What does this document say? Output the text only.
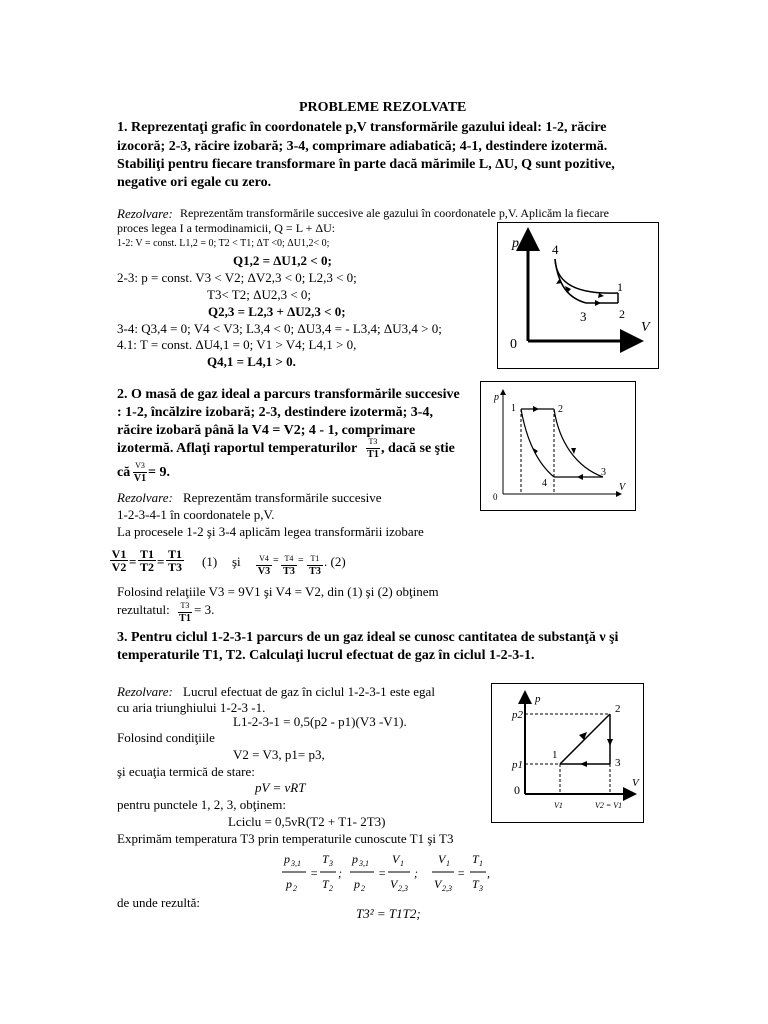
PROBLEME REZOLVATE
1. Reprezentaţi grafic în coordonatele p,V transformările gazului ideal: 1-2, răcire
izocoră; 2-3, răcire izobară; 3-4, comprimare adiabatică; 4-1, destindere izotermă.
Stabiliţi pentru fiecare transformare în parte dacă mărimile L, ΔU, Q sunt pozitive,
negative ori egale cu zero.
Rezolvare: Reprezentăm transformările succesive ale gazului în coordonatele p,V. Aplicăm la fiecare
proces legea I a termodinamicii, Q = L + ΔU:
1-2: V = const. L1,2 = 0; T2 < T1; ΔT <0; ΔU1,2< 0;
Q1,2 = ΔU1,2 < 0;
2-3: p = const. V3 < V2; ΔV2,3 < 0; L2,3 < 0;
T3< T2; ΔU2,3 < 0;
Q2,3 = L2,3 + ΔU2,3 < 0;
3-4: Q3,4 = 0; V4 < V3; L3,4 < 0; ΔU3,4 = - L3,4; ΔU3,4 > 0;
4.1: T = const. ΔU4,1 = 0; V1 > V4; L4,1 > 0,
Q4,1 = L4,1 > 0.
p
V
0
4
1
3	2
2. O masă de gaz ideal a parcurs transformările succesive
: 1-2, încălzire izobară; 2-3, destindere izotermă; 3-4,
răcire izobară până la V4 = V2; 4 - 1, comprimare
izotermă. Aflaţi raportul temperaturilor	T3
T1 , dacă se ştie
că V3
V1 = 9.
Rezolvare: Reprezentăm transformările succesive
1-2-3-4-1 în coordonatele p,V.
La procesele 1-2 şi 3-4 aplicăm legea transformării izobare
$\frac{V1}{V2} = \frac{T1}{T2} = \frac{T1}{T3} (1)$ şi	V4
V3
= T4
T3
= T1
T3
. (2)
Folosind relaţiile V3 = 9V1 şi V4 = V2, din (1) şi (2) obţinem
rezultatul:	T3
T1
= 3.
p
V
0
1	2
3
4
3. Pentru ciclul 1-2-3-1 parcurs de un gaz ideal se cunosc cantitatea de substanţă ν şi
temperaturile T1, T2. Calculaţi lucrul efectuat de gaz în ciclul 1-2-3-1.
Rezolvare: Lucrul efectuat de gaz în ciclul 1-2-3-1 este egal
cu aria triunghiului 1-2-3 -1.
L1-2-3-1 = 0,5(p2 - p1)(V3 -V1).
Folosind condiţiile
V2 = V3, p1= p3,
şi ecuaţia termică de stare:
pV = νRT
pentru punctele 1, 2, 3, obţinem:
Lciclu = 0,5νR(T2 + T1- 2T3)
Exprimăm temperatura T3 prin temperaturile cunoscute T1 şi T3
p 3,1
p 2
=
T 3
T 2
;
p 3,1
p 2
=
V 1
V 2,3
;
V 1
V 2,3
=
T 1
T 3
,
de unde rezultă:
T3² = T1T2;
p
V
p2
p1
0
1
2
3
V1	V2 = V1
